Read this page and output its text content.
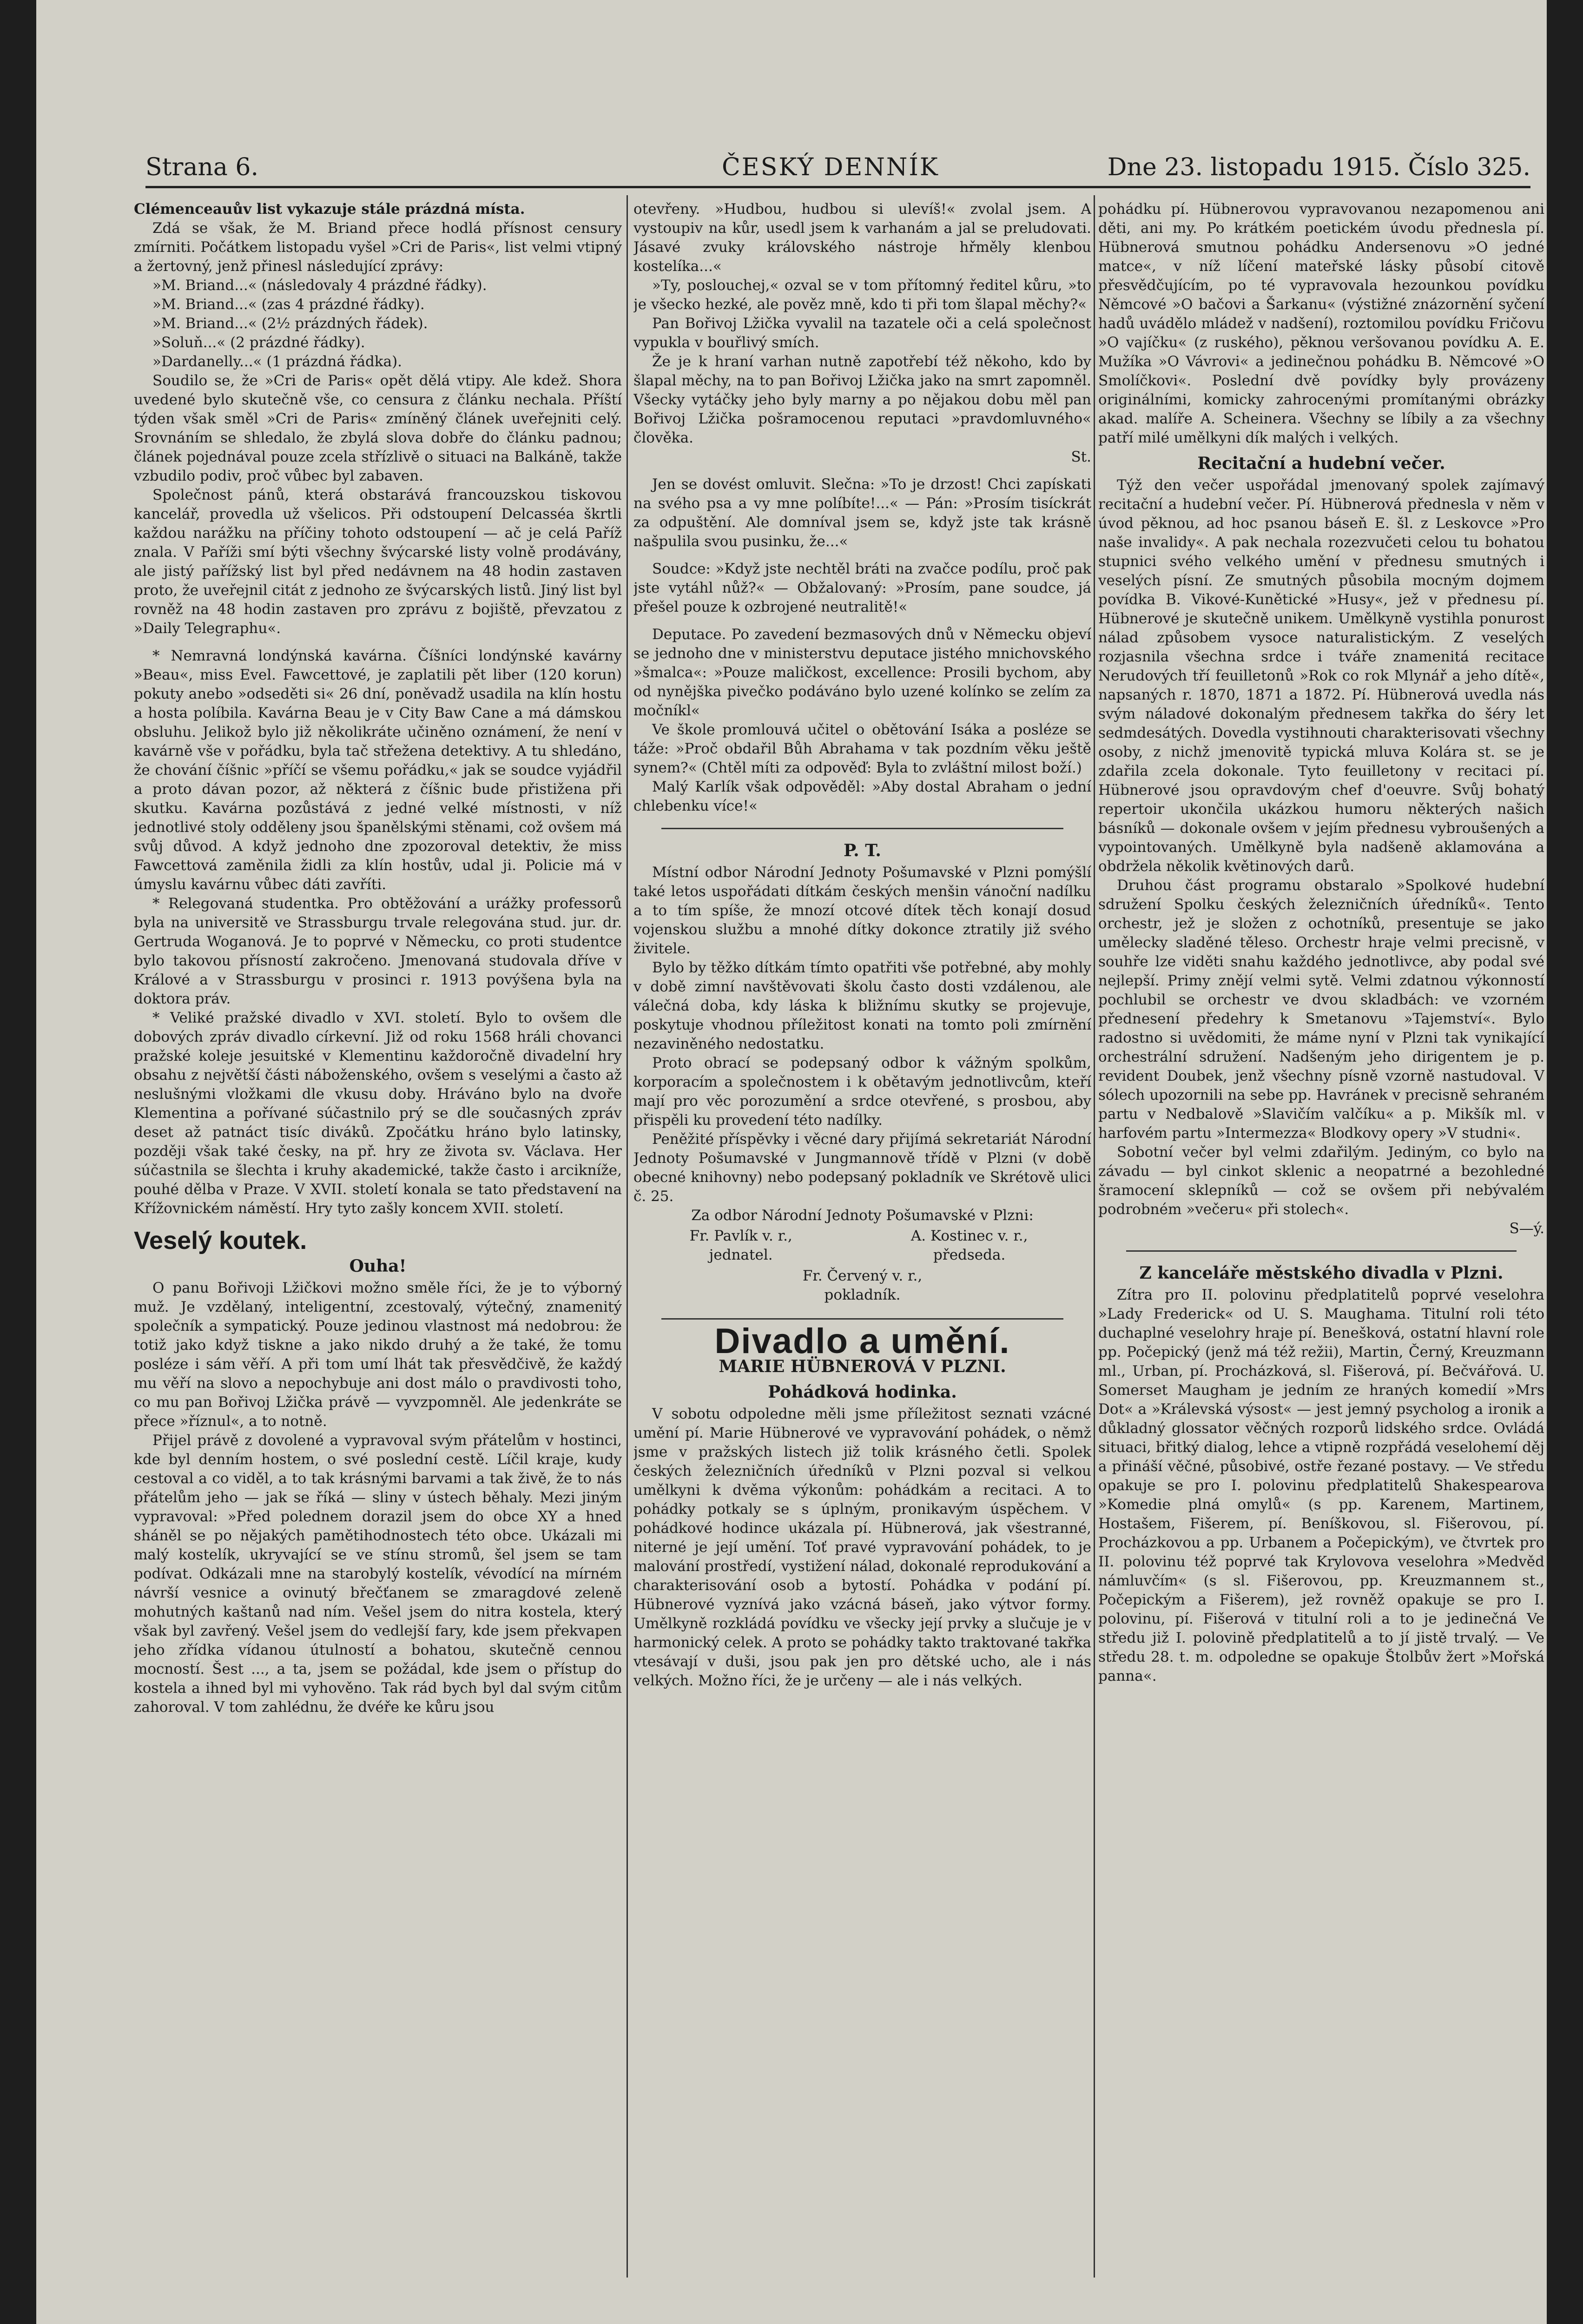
Strana 6.	ČESKÝ DENNÍK	Dne 23. listopadu 1915. Číslo 325.

Clémenceauův list vykazuje stále prázdná místa.

Zdá se však, že M. Briand přece hodlá přísnost censury zmírniti. Počátkem listopadu vyšel »Cri de Paris«, list velmi vtipný a žertovný, jenž přinesl následující zprávy:

»M. Briand...« (následovaly 4 prázdné řádky).

»M. Briand...« (zas 4 prázdné řádky).

»M. Briand...« (2½ prázdných řádek).

»Soluň...« (2 prázdné řádky).

»Dardanelly...« (1 prázdná řádka).

Soudilo se, že »Cri de Paris« opět dělá vtipy. Ale kdež. Shora uvedené bylo skutečně vše, co censura z článku nechala. Příští týden však směl »Cri de Paris« zmíněný článek uveřejniti celý. Srovnáním se shledalo, že zbylá slova dobře do článku padnou; článek pojednával pouze zcela střízlivě o situaci na Balkáně, takže vzbudilo podiv, proč vůbec byl zabaven.

Společnost pánů, která obstarává francouzskou tiskovou kancelář, provedla už všelicos. Při odstoupení Delcasséa škrtli každou narážku na příčiny tohoto odstoupení — ač je celá Paříž znala. V Paříži smí býti všechny švýcarské listy volně prodávány, ale jistý pařížský list byl před nedávnem na 48 hodin zastaven proto, že uveřejnil citát z jednoho ze švýcarských listů. Jiný list byl rovněž na 48 hodin zastaven pro zprávu z bojiště, převzatou z »Daily Telegraphu«.

* Nemravná londýnská kavárna. Číšníci londýnské kavárny »Beau«, miss Evel. Fawcettové, je zaplatili pět liber (120 korun) pokuty anebo »odseděti si« 26 dní, poněvadž usadila na klín hostu a hosta políbila. Kavárna Beau je v City Baw Cane a má dámskou obsluhu. Jelikož bylo již několikráte učiněno oznámení, že není v kavárně vše v pořádku, byla tač střežena detektivy. A tu shledáno, že chování číšnic »příčí se všemu pořádku,« jak se soudce vyjádřil a proto dávan pozor, až některá z číšnic bude přistižena při skutku. Kavárna pozůstává z jedné velké místnosti, v níž jednotlivé stoly odděleny jsou španělskými stěnami, což ovšem má svůj důvod. A když jednoho dne zpozoroval detektiv, že miss Fawcettová zaměnila židli za klín hostův, udal ji. Policie má v úmyslu kavárnu vůbec dáti zavříti.

* Relegovaná studentka. Pro obtěžování a urážky professorů byla na universitě ve Strassburgu trvale relegována stud. jur. dr. Gertruda Woganová. Je to poprvé v Německu, co proti studentce bylo takovou přísností zakročeno. Jmenovaná studovala dříve v Králové a v Strassburgu v prosinci r. 1913 povýšena byla na doktora práv.

* Veliké pražské divadlo v XVI. století. Bylo to ovšem dle dobových zpráv divadlo církevní. Již od roku 1568 hráli chovanci pražské koleje jesuitské v Klementinu každoročně divadelní hry obsahu z největší části náboženského, ovšem s veselými a často až neslušnými vložkami dle vkusu doby. Hráváno bylo na dvoře Klementina a pořívané súčastnilo prý se dle současných zpráv deset až patnáct tisíc diváků. Zpočátku hráno bylo latinsky, později však také česky, na př. hry ze života sv. Václava. Her súčastnila se šlechta i kruhy akademické, takže často i arcikníže, pouhé dělba v Praze. V XVII. století konala se tato představení na Křížovnickém náměstí. Hry tyto zašly koncem XVII. století.

Veselý koutek.
Ouha!

O panu Bořivoji Lžičkovi možno směle říci, že je to výborný muž. Je vzdělaný, inteligentní, zcestovalý, výtečný, znamenitý společník a sympatický. Pouze jedinou vlastnost má nedobrou: že totiž jako když tiskne a jako nikdo druhý a že také, že tomu posléze i sám věří. A při tom umí lhát tak přesvědčivě, že každý mu věří na slovo a nepochybuje ani dost málo o pravdivosti toho, co mu pan Bořivoj Lžička právě — vyvzpomněl. Ale jedenkráte se přece »říznul«, a to notně.

Přijel právě z dovolené a vypravoval svým přátelům v hostinci, kde byl denním hostem, o své poslední cestě. Líčil kraje, kudy cestoval a co viděl, a to tak krásnými barvami a tak živě, že to nás přátelům jeho — jak se říká — sliny v ústech běhaly. Mezi jiným vypravoval: »Před polednem dorazil jsem do obce XY a hned sháněl se po nějakých pamětihodnostech této obce. Ukázali mi malý kostelík, ukryvající se ve stínu stromů, šel jsem se tam podívat. Odkázali mne na starobylý kostelík, vévodící na mírném návrší vesnice a ovinutý břečťanem se zmaragdové zeleně mohutných kaštanů nad ním. Vešel jsem do nitra kostela, který však byl zavřený. Vešel jsem do vedlejší fary, kde jsem překvapen jeho zřídka vídanou útulností a bohatou, skutečně cennou mocností. Šest ..., a ta, jsem se požádal, kde jsem o přístup do kostela a ihned byl mi vyhověno. Tak rád bych byl dal svým citům zahoroval. V tom zahlédnu, že dvéře ke kůru jsou

otevřeny. »Hudbou, hudbou si ulevíš!« zvolal jsem. A vystoupiv na kůr, usedl jsem k varhanám a jal se preludovati. Jásavé zvuky královského nástroje hřměly klenbou kostelíka...«

»Ty, poslouchej,« ozval se v tom přítomný ředitel kůru, »to je všecko hezké, ale pověz mně, kdo ti při tom šlapal měchy?«

Pan Bořivoj Lžička vyvalil na tazatele oči a celá společnost vypukla v bouřlivý smích.

Že je k hraní varhan nutně zapotřebí též někoho, kdo by šlapal měchy, na to pan Bořivoj Lžička jako na smrt zapomněl. Všecky vytáčky jeho byly marny a po nějakou dobu měl pan Bořivoj Lžička pošramocenou reputaci »pravdomluvného« člověka.

St.

Jen se dovést omluvit. Slečna: »To je drzost! Chci zapískati na svého psa a vy mne políbíte!...« — Pán: »Prosím tisíckrát za odpuštění. Ale domníval jsem se, když jste tak krásně našpulila svou pusinku, že...«

Soudce: »Když jste nechtěl bráti na zvačce podílu, proč pak jste vytáhl nůž?« — Obžalovaný: »Prosím, pane soudce, já přešel pouze k ozbrojené neutralitě!«

Deputace. Po zavedení bezmasových dnů v Německu objeví se jednoho dne v ministerstvu deputace jistého mnichovského »šmalca«: »Pouze maličkost, excellence: Prosili bychom, aby od nynějška pivečko podáváno bylo uzené kolínko se zelím za močníkl«

Ve škole promlouvá učitel o obětování Isáka a posléze se táže: »Proč obdařil Bůh Abrahama v tak pozdním věku ještě synem?« (Chtěl míti za odpověď: Byla to zvláštní milost boží.)

Malý Karlík však odpověděl: »Aby dostal Abraham o jední chlebenku více!«

P. T.

Místní odbor Národní Jednoty Pošumavské v Plzni pomýšlí také letos uspořádati dítkám českých menšin vánoční nadílku a to tím spíše, že mnozí otcové dítek těch konají dosud vojenskou službu a mnohé dítky dokonce ztratily již svého živitele.

Bylo by těžko dítkám tímto opatřiti vše potřebné, aby mohly v době zimní navštěvovati školu často dosti vzdálenou, ale válečná doba, kdy láska k bližnímu skutky se projevuje, poskytuje vhodnou příležitost konati na tomto poli zmírnění nezaviněného nedostatku.

Proto obrací se podepsaný odbor k vážným spolkům, korporacím a společnostem i k obětavým jednotlivcům, kteří mají pro věc porozumění a srdce otevřené, s prosbou, aby přispěli ku provedení této nadílky.

Peněžité příspěvky i věcné dary přijímá sekretariát Národní Jednoty Pošumavské v Jungmannově třídě v Plzni (v době obecné knihovny) nebo podepsaný pokladník ve Skrétově ulici č. 25.

Za odbor Národní Jednoty Pošumavské v Plzni:

Fr. Pavlík v. r.,
jednatel.

A. Kostinec v. r.,
předseda.

Fr. Červený v. r.,
pokladník.
Divadlo a umění.
MARIE HÜBNEROVÁ V PLZNI.
Pohádková hodinka.

V sobotu odpoledne měli jsme příležitost seznati vzácné umění pí. Marie Hübnerové ve vypravování pohádek, o němž jsme v pražských listech již tolik krásného četli. Spolek českých železničních úředníků v Plzni pozval si velkou umělkyni k dvěma výkonům: pohádkám a recitaci. A to pohádky potkaly se s úplným, pronikavým úspěchem. V pohádkové hodince ukázala pí. Hübnerová, jak všestranné, niterné je její umění. Toť pravé vypravování pohádek, to je malování prostředí, vystižení nálad, dokonalé reprodukování a charakterisování osob a bytostí. Pohádka v podání pí. Hübnerové vyznívá jako vzácná báseň, jako výtvor formy. Umělkyně rozkládá povídku ve všecky její prvky a slučuje je v harmonický celek. A proto se pohádky takto traktované takřka vtesávají v duši, jsou pak jen pro dětské ucho, ale i nás velkých. Možno říci, že je určeny — ale i nás velkých.

pohádku pí. Hübnerovou vypravovanou nezapomenou ani děti, ani my. Po krátkém poetickém úvodu přednesla pí. Hübnerová smutnou pohádku Andersenovu »O jedné matce«, v níž líčení mateřské lásky působí citově přesvědčujícím, po té vypravovala hezounkou povídku Němcové »O bačovi a Šarkanu« (výstižné znázornění syčení hadů uvádělo mládež v nadšení), roztomilou povídku Fričovu »O vajíčku« (z ruského), pěknou veršovanou povídku A. E. Mužíka »O Vávrovi« a jedinečnou pohádku B. Němcové »O Smolíčkovi«. Poslední dvě povídky byly provázeny originálními, komicky zahrocenými promítanými obrázky akad. malíře A. Scheinera. Všechny se líbily a za všechny patří milé umělkyni dík malých i velkých.

Recitační a hudební večer.

Týž den večer uspořádal jmenovaný spolek zajímavý recitační a hudební večer. Pí. Hübnerová přednesla v něm v úvod pěknou, ad hoc psanou báseň E. šl. z Leskovce »Pro naše invalidy«. A pak nechala rozezvučeti celou tu bohatou stupnici svého velkého umění v přednesu smutných i veselých písní. Ze smutných působila mocným dojmem povídka B. Vikové-Kunětické »Husy«, jež v přednesu pí. Hübnerové je skutečně unikem. Umělkyně vystihla ponurost nálad způsobem vysoce naturalistickým. Z veselých rozjasnila všechna srdce i tváře znamenitá recitace Nerudových tří feuilletonů »Rok co rok Mlynář a jeho dítě«, napsaných r. 1870, 1871 a 1872. Pí. Hübnerová uvedla nás svým náladové dokonalým přednesem takřka do šéry let sedmdesátých. Dovedla vystihnouti charakterisovati všechny osoby, z nichž jmenovitě typická mluva Kolára st. se je zdařila zcela dokonale. Tyto feuilletony v recitaci pí. Hübnerové jsou opravdovým chef d'oeuvre. Svůj bohatý repertoir ukončila ukázkou humoru některých našich básníků — dokonale ovšem v jejím přednesu vybroušených a vypointovaných. Umělkyně byla nadšeně aklamována a obdržela několik květinových darů.

Druhou část programu obstaralo »Spolkové hudební sdružení Spolku českých železničních úředníků«. Tento orchestr, jež je složen z ochotníků, presentuje se jako umělecky sladěné těleso. Orchestr hraje velmi precisně, v souhře lze viděti snahu každého jednotlivce, aby podal své nejlepší. Primy znějí velmi sytě. Velmi zdatnou výkonností pochlubil se orchestr ve dvou skladbách: ve vzorném přednesení předehry k Smetanovu »Tajemství«. Bylo radostno si uvědomiti, že máme nyní v Plzni tak vynikající orchestrální sdružení. Nadšeným jeho dirigentem je p. revident Doubek, jenž všechny písně vzorně nastudoval. V sólech upozornili na sebe pp. Havránek v precisně sehraném partu v Nedbalově »Slavičím valčíku« a p. Mikšík ml. v harfovém partu »Intermezza« Blodkovy opery »V studni«.

Sobotní večer byl velmi zdařilým. Jediným, co bylo na závadu — byl cinkot sklenic a neopatrné a bezohledné šramocení sklepníků — což se ovšem při nebývalém podrobném »večeru« při stolech«.

S—ý.

Z kanceláře městského divadla v Plzni.

Zítra pro II. polovinu předplatitelů poprvé veselohra »Lady Frederick« od U. S. Maughama. Titulní roli této duchaplné veselohry hraje pí. Benešková, ostatní hlavní role pp. Počepický (jenž má též režii), Martin, Černý, Kreuzmann ml., Urban, pí. Procházková, sl. Fišerová, pí. Bečvářová. U. Somerset Maugham je jedním ze hraných komedií »Mrs Dot« a »Králevská výsost« — jest jemný psycholog a ironik a důkladný glossator věčných rozporů lidského srdce. Ovládá situaci, břitký dialog, lehce a vtipně rozpřádá veselohemí děj a přináší věčné, působivé, ostře řezané postavy. — Ve středu opakuje se pro I. polovinu předplatitelů Shakespearova »Komedie plná omylů« (s pp. Karenem, Martinem, Hostašem, Fišerem, pí. Beníškovou, sl. Fišerovou, pí. Procházkovou a pp. Urbanem a Počepickým), ve čtvrtek pro II. polovinu též poprvé tak Krylovova veselohra »Medvěd námluvčím« (s sl. Fišerovou, pp. Kreuzmannem st., Počepickým a Fišerem), jež rovněž opakuje se pro I. polovinu, pí. Fišerová v titulní roli a to je jedinečná Ve středu již I. polovině předplatitelů a to jí jistě trvalý. — Ve středu 28. t. m. odpoledne se opakuje Štolbův žert »Mořská panna«.
